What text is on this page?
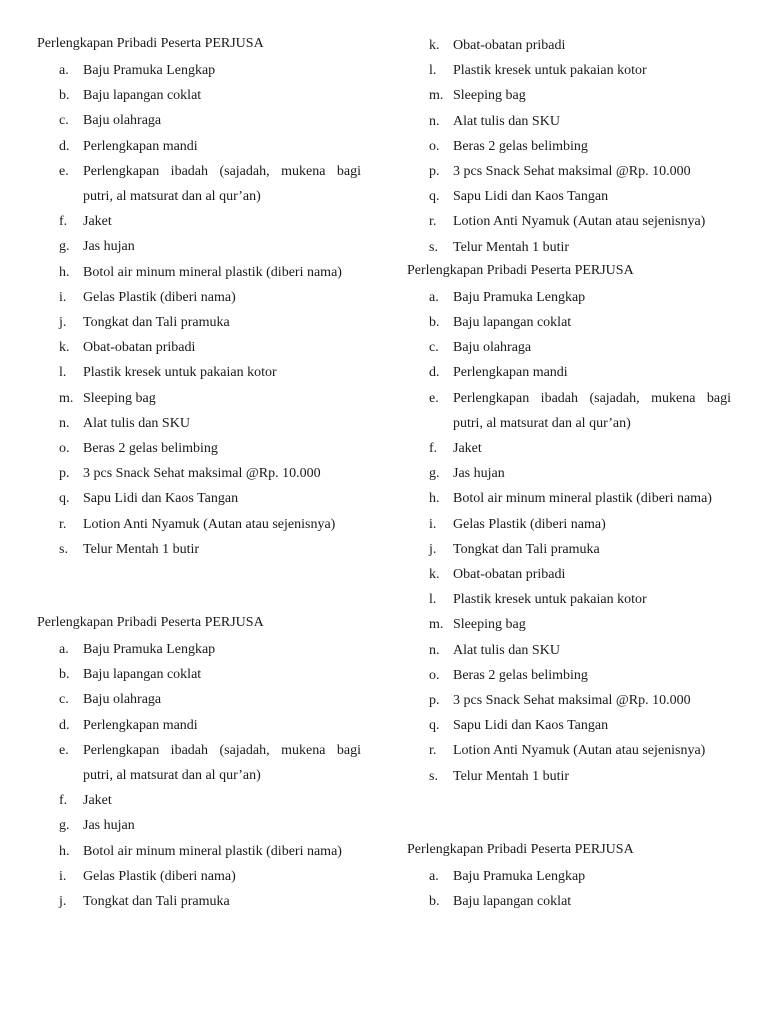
Perlengkapan Pribadi Peserta PERJUSA
a. Baju Pramuka Lengkap
b. Baju lapangan coklat
c. Baju olahraga
d. Perlengkapan mandi
e. Perlengkapan ibadah (sajadah, mukena bagi putri, al matsurat dan al qur’an)
f. Jaket
g. Jas hujan
h. Botol air minum mineral plastik (diberi nama)
i. Gelas Plastik (diberi nama)
j. Tongkat dan Tali pramuka
k. Obat-obatan pribadi
l. Plastik kresek untuk pakaian kotor
m. Sleeping bag
n. Alat tulis dan SKU
o. Beras 2 gelas belimbing
p. 3 pcs Snack Sehat maksimal @Rp. 10.000
q. Sapu Lidi dan Kaos Tangan
r. Lotion Anti Nyamuk (Autan atau sejenisnya)
s. Telur Mentah 1 butir
Perlengkapan Pribadi Peserta PERJUSA
a. Baju Pramuka Lengkap
b. Baju lapangan coklat
c. Baju olahraga
d. Perlengkapan mandi
e. Perlengkapan ibadah (sajadah, mukena bagi putri, al matsurat dan al qur’an)
f. Jaket
g. Jas hujan
h. Botol air minum mineral plastik (diberi nama)
i. Gelas Plastik (diberi nama)
j. Tongkat dan Tali pramuka
k. Obat-obatan pribadi
l. Plastik kresek untuk pakaian kotor
m. Sleeping bag
n. Alat tulis dan SKU
o. Beras 2 gelas belimbing
p. 3 pcs Snack Sehat maksimal @Rp. 10.000
q. Sapu Lidi dan Kaos Tangan
r. Lotion Anti Nyamuk (Autan atau sejenisnya)
s. Telur Mentah 1 butir
Perlengkapan Pribadi Peserta PERJUSA
a. Baju Pramuka Lengkap
b. Baju lapangan coklat
c. Baju olahraga
d. Perlengkapan mandi
e. Perlengkapan ibadah (sajadah, mukena bagi putri, al matsurat dan al qur’an)
f. Jaket
g. Jas hujan
h. Botol air minum mineral plastik (diberi nama)
i. Gelas Plastik (diberi nama)
j. Tongkat dan Tali pramuka
k. Obat-obatan pribadi
l. Plastik kresek untuk pakaian kotor
m. Sleeping bag
n. Alat tulis dan SKU
o. Beras 2 gelas belimbing
p. 3 pcs Snack Sehat maksimal @Rp. 10.000
q. Sapu Lidi dan Kaos Tangan
r. Lotion Anti Nyamuk (Autan atau sejenisnya)
s. Telur Mentah 1 butir
Perlengkapan Pribadi Peserta PERJUSA
a. Baju Pramuka Lengkap
b. Baju lapangan coklat
